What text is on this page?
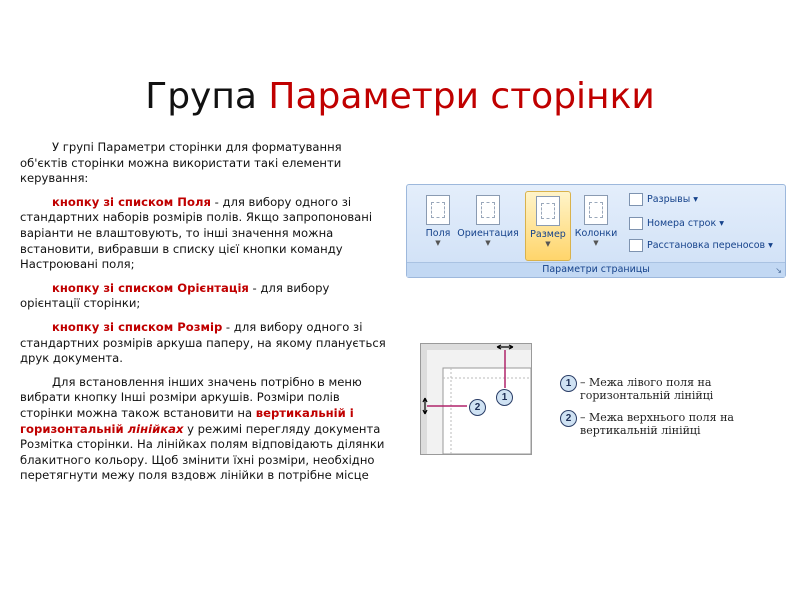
Група Параметри сторінки

У групі Параметри сторінки для форматування об'єктів сторінки можна використати такі елементи керування:

кнопку зі списком Поля - для вибору одного зі стандартних наборів розмірів полів. Якщо запропоновані варіанти не влаштовують, то інші значення можна встановити, вибравши в списку цієї кнопки команду Настроювані поля;

кнопку зі списком Орієнтація - для вибору орієнтації сторінки;

кнопку зі списком Розмір - для вибору одного зі стандартних розмірів аркуша паперу, на якому планується друк документа.

Для встановлення інших значень потрібно в меню вибрати кнопку Інші розміри аркушів. Розміри полів сторінки можна також встановити на вертикальній і горизонтальній лінійках у режимі перегляду документа Розмітка сторінки. На лінійках полям відповідають ділянки блакитного кольору. Щоб змінити їхні розміри, необхідно перетягнути межу поля вздовж лінійки в потрібне місце

Поля
▼
Ориентация
▼
Размер
▼
Колонки
▼
Разрывы ▾
Номера строк ▾
Расстановка переносов ▾
Параметри страницы	↘
1
2
1 – Межа лівого поля на
горизонтальній лінійці
2 – Межа верхнього поля на
вертикальній лінійці
